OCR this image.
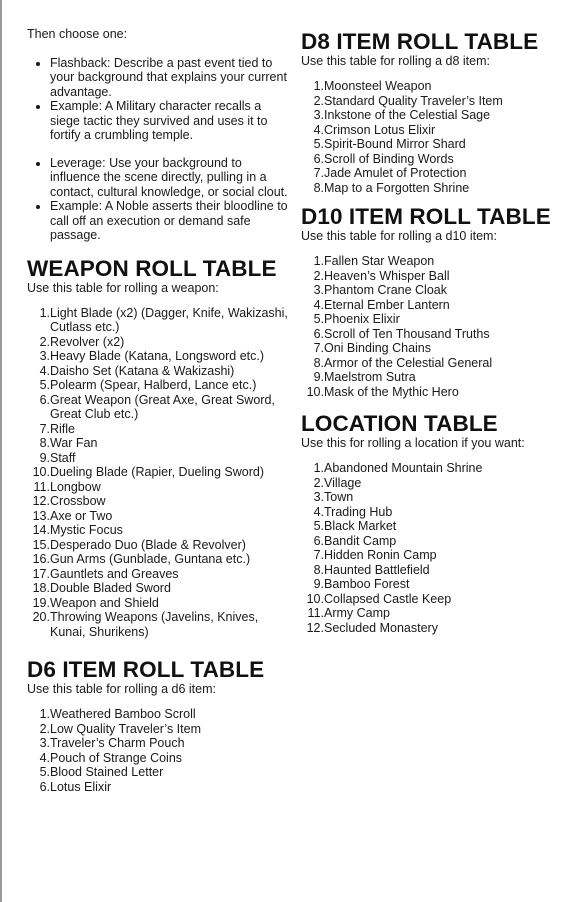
Then choose one:

• Flashback: Describe a past event tied to your background that explains your current advantage.
• Example: A Military character recalls a siege tactic they survived and uses it to fortify a crumbling temple.
• Leverage: Use your background to influence the scene directly, pulling in a contact, cultural knowledge, or social clout.
• Example: A Noble asserts their bloodline to call off an execution or demand safe passage.
WEAPON ROLL TABLE

Use this table for rolling a weapon:

1. Light Blade (x2) (Dagger, Knife, Wakizashi, Cutlass etc.)
2. Revolver (x2)
3. Heavy Blade (Katana, Longsword etc.)
4. Daisho Set (Katana & Wakizashi)
5. Polearm (Spear, Halberd, Lance etc.)
6. Great Weapon (Great Axe, Great Sword, Great Club etc.)
7. Rifle
8. War Fan
9. Staff
10. Dueling Blade (Rapier, Dueling Sword)
11. Longbow
12. Crossbow
13. Axe or Two
14. Mystic Focus
15. Desperado Duo (Blade & Revolver)
16. Gun Arms (Gunblade, Guntana etc.)
17. Gauntlets and Greaves
18. Double Bladed Sword
19. Weapon and Shield
20. Throwing Weapons (Javelins, Knives, Kunai, Shurikens)
D6 ITEM ROLL TABLE

Use this table for rolling a d6 item:

1. Weathered Bamboo Scroll
2. Low Quality Traveler’s Item
3. Traveler’s Charm Pouch
4. Pouch of Strange Coins
5. Blood Stained Letter
6. Lotus Elixir
D8 ITEM ROLL TABLE

Use this table for rolling a d8 item:

1. Moonsteel Weapon
2. Standard Quality Traveler’s Item
3. Inkstone of the Celestial Sage
4. Crimson Lotus Elixir
5. Spirit-Bound Mirror Shard
6. Scroll of Binding Words
7. Jade Amulet of Protection
8. Map to a Forgotten Shrine
D10 ITEM ROLL TABLE

Use this table for rolling a d10 item:

1. Fallen Star Weapon
2. Heaven’s Whisper Ball
3. Phantom Crane Cloak
4. Eternal Ember Lantern
5. Phoenix Elixir
6. Scroll of Ten Thousand Truths
7. Oni Binding Chains
8. Armor of the Celestial General
9. Maelstrom Sutra
10. Mask of the Mythic Hero
LOCATION TABLE

Use this for rolling a location if you want:

1. Abandoned Mountain Shrine
2. Village
3. Town
4. Trading Hub
5. Black Market
6. Bandit Camp
7. Hidden Ronin Camp
8. Haunted Battlefield
9. Bamboo Forest
10. Collapsed Castle Keep
11. Army Camp
12. Secluded Monastery
